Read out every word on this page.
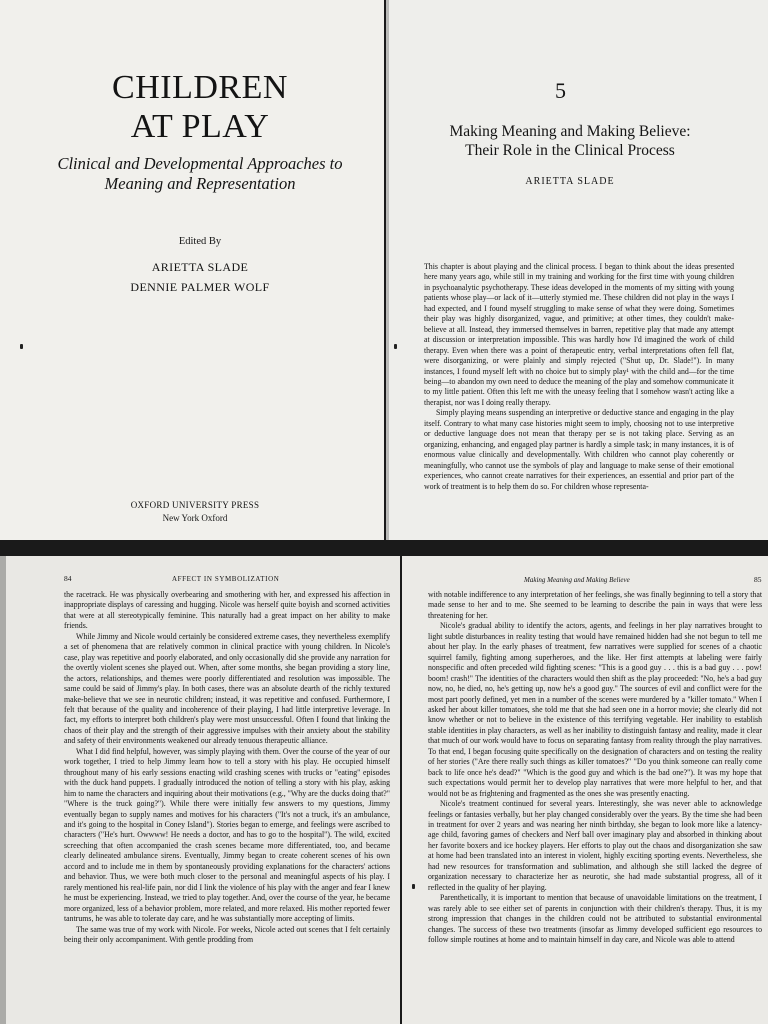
CHILDREN
AT PLAY
Clinical and Developmental Approaches to
Meaning and Representation
Edited By
ARIETTA SLADE
DENNIE PALMER WOLF
OXFORD UNIVERSITY PRESS
New York Oxford
5
Making Meaning and Making Believe:
Their Role in the Clinical Process
ARIETTA SLADE

This chapter is about playing and the clinical process. I began to think about the ideas presented here many years ago, while still in my training and working for the first time with young children in psychoanalytic psychotherapy. These ideas developed in the moments of my sitting with young patients whose play—or lack of it—utterly stymied me. These children did not play in the ways I had expected, and I found myself struggling to make sense of what they were doing. Sometimes their play was highly disorganized, vague, and primitive; at other times, they couldn't make-believe at all. Instead, they immersed themselves in barren, repetitive play that made any attempt at discussion or interpretation impossible. This was hardly how I'd imagined the work of child therapy. Even when there was a point of therapeutic entry, verbal interpretations often fell flat, were disorganizing, or were plainly and simply rejected ("Shut up, Dr. Slade!"). In many instances, I found myself left with no choice but to simply play¹ with the child and—for the time being—to abandon my own need to deduce the meaning of the play and somehow communicate it to my little patient. Often this left me with the uneasy feeling that I somehow wasn't acting like a therapist, nor was I doing really therapy.

Simply playing means suspending an interpretive or deductive stance and engaging in the play itself. Contrary to what many case histories might seem to imply, choosing not to use interpretive or deductive language does not mean that therapy per se is not taking place. Serving as an organizing, enhancing, and engaged play partner is hardly a simple task; in many instances, it is of enormous value clinically and developmentally. With children who cannot play coherently or meaningfully, who cannot use the symbols of play and language to make sense of their emotional experiences, who cannot create narratives for their experiences, an essential and prior part of the work of treatment is to help them do so. For children whose representa-

84	AFFECT IN SYMBOLIZATION

the racetrack. He was physically overbearing and smothering with her, and expressed his affection in inappropriate displays of caressing and hugging. Nicole was herself quite boyish and scorned activities that were at all stereotypically feminine. This naturally had a great impact on her ability to make friends.

While Jimmy and Nicole would certainly be considered extreme cases, they nevertheless exemplify a set of phenomena that are relatively common in clinical practice with young children. In Nicole's case, play was repetitive and poorly elaborated, and only occasionally did she provide any narration for the overtly violent scenes she played out. When, after some months, she began providing a story line, the actors, relationships, and themes were poorly differentiated and resolution was impossible. The same could be said of Jimmy's play. In both cases, there was an absolute dearth of the richly textured make-believe that we see in neurotic children; instead, it was repetitive and confused. Furthermore, I felt that because of the quality and incoherence of their playing, I had little interpretive leverage. In fact, my efforts to interpret both children's play were most unsuccessful. Often I found that linking the chaos of their play and the strength of their aggressive impulses with their anxiety about the stability and safety of their environments weakened our already tenuous therapeutic alliance.

What I did find helpful, however, was simply playing with them. Over the course of the year of our work together, I tried to help Jimmy learn how to tell a story with his play. He occupied himself throughout many of his early sessions enacting wild crashing scenes with trucks or "eating" episodes with the duck hand puppets. I gradually introduced the notion of telling a story with his play, asking him to name the characters and inquiring about their motivations (e.g., "Why are the ducks doing that?" "Where is the truck going?"). While there were initially few answers to my questions, Jimmy eventually began to supply names and motives for his characters ("It's not a truck, it's an ambulance, and it's going to the hospital in Coney Island"). Stories began to emerge, and feelings were ascribed to characters ("He's hurt. Owwww! He needs a doctor, and has to go to the hospital"). The wild, excited screeching that often accompanied the crash scenes became more differentiated, too, and became clearly delineated ambulance sirens. Eventually, Jimmy began to create coherent scenes of his own accord and to include me in them by spontaneously providing explanations for the characters' actions and behavior. Thus, we were both much closer to the personal and meaningful aspects of his play. I rarely mentioned his real-life pain, nor did I link the violence of his play with the anger and fear I knew he must be experiencing. Instead, we tried to play together. And, over the course of the year, he became more organized, less of a behavior problem, more related, and more relaxed. His mother reported fewer tantrums, he was able to tolerate day care, and he was substantially more accepting of limits.

The same was true of my work with Nicole. For weeks, Nicole acted out scenes that I felt certainly being their only accompaniment. With gentle prodding from

Making Meaning and Making Believe	85

with notable indifference to any interpretation of her feelings, she was finally beginning to tell a story that made sense to her and to me. She seemed to be learning to describe the pain in ways that were less threatening for her.

Nicole's gradual ability to identify the actors, agents, and feelings in her play narratives brought to light subtle disturbances in reality testing that would have remained hidden had she not begun to tell me about her play. In the early phases of treatment, few narratives were supplied for scenes of a chaotic squirrel family, fighting among superheroes, and the like. Her first attempts at labeling were fairly nonspecific and often preceded wild fighting scenes: "This is a good guy . . . this is a bad guy . . . pow! boom! crash!" The identities of the characters would then shift as the play proceeded: "No, he's a bad guy now, no, he died, no, he's getting up, now he's a good guy." The sources of evil and conflict were for the most part poorly defined, yet men in a number of the scenes were murdered by a "killer tomato." When I asked her about killer tomatoes, she told me that she had seen one in a horror movie; she clearly did not know whether or not to believe in the existence of this terrifying vegetable. Her inability to establish stable identities in play characters, as well as her inability to distinguish fantasy and reality, made it clear that much of our work would have to focus on separating fantasy from reality through the play narratives. To that end, I began focusing quite specifically on the designation of characters and on testing the reality of her stories ("Are there really such things as killer tomatoes?" "Do you think someone can really come back to life once he's dead?" "Which is the good guy and which is the bad one?"). It was my hope that such expectations would permit her to develop play narratives that were more helpful to her, and that would not be as frightening and fragmented as the ones she was presently enacting.

Nicole's treatment continued for several years. Interestingly, she was never able to acknowledge feelings or fantasies verbally, but her play changed considerably over the years. By the time she had been in treatment for over 2 years and was nearing her ninth birthday, she began to look more like a latency-age child, favoring games of checkers and Nerf ball over imaginary play and absorbed in thinking about her favorite boxers and ice hockey players. Her efforts to play out the chaos and disorganization she saw at home had been translated into an interest in violent, highly exciting sporting events. Nevertheless, she had new resources for transformation and sublimation, and although she still lacked the degree of organization necessary to characterize her as neurotic, she had made substantial progress, all of it reflected in the quality of her playing.

Parenthetically, it is important to mention that because of unavoidable limitations on the treatment, I was rarely able to see either set of parents in conjunction with their children's therapy. Thus, it is my strong impression that changes in the children could not be attributed to substantial environmental changes. The success of these two treatments (insofar as Jimmy developed sufficient ego resources to follow simple routines at home and to maintain himself in day care, and Nicole was able to attend
